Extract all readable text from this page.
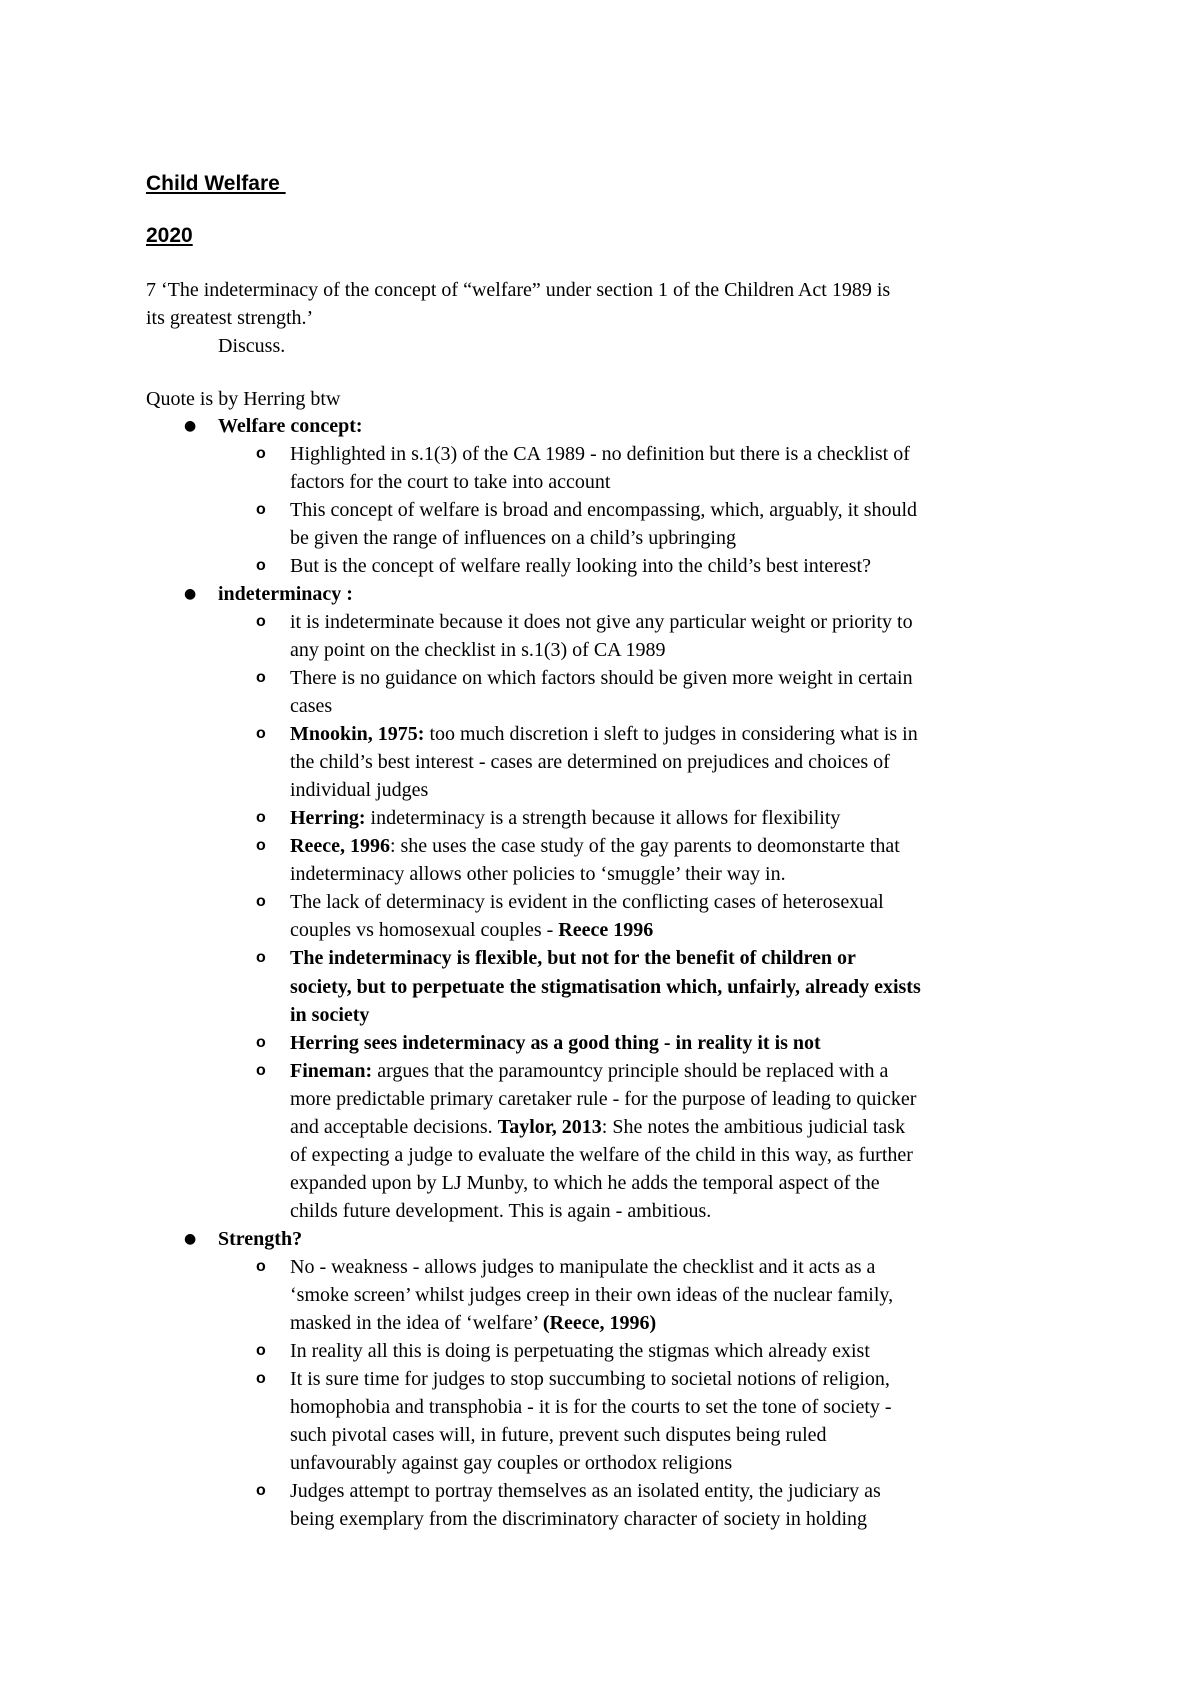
Child Welfare

2020

7 ‘The indeterminacy of the concept of “welfare” under section 1 of the Children Act 1989 is

its greatest strength.’

Discuss.

Quote is by Herring btw

● Welfare concept:

o Highlighted in s.1(3) of the CA 1989 - no definition but there is a checklist of

factors for the court to take into account

o This concept of welfare is broad and encompassing, which, arguably, it should

be given the range of influences on a child’s upbringing

o But is the concept of welfare really looking into the child’s best interest?

● indeterminacy :

o it is indeterminate because it does not give any particular weight or priority to

any point on the checklist in s.1(3) of CA 1989

o There is no guidance on which factors should be given more weight in certain

cases

o Mnookin, 1975: too much discretion i sleft to judges in considering what is in

the child’s best interest - cases are determined on prejudices and choices of

individual judges

o Herring: indeterminacy is a strength because it allows for flexibility

o Reece, 1996: she uses the case study of the gay parents to deomonstarte that

indeterminacy allows other policies to ‘smuggle’ their way in.

o The lack of determinacy is evident in the conflicting cases of heterosexual

couples vs homosexual couples - Reece 1996

o The indeterminacy is flexible, but not for the benefit of children or

society, but to perpetuate the stigmatisation which, unfairly, already exists

in society

o Herring sees indeterminacy as a good thing - in reality it is not

o Fineman: argues that the paramountcy principle should be replaced with a

more predictable primary caretaker rule - for the purpose of leading to quicker

and acceptable decisions. Taylor, 2013: She notes the ambitious judicial task

of expecting a judge to evaluate the welfare of the child in this way, as further

expanded upon by LJ Munby, to which he adds the temporal aspect of the

childs future development. This is again - ambitious.

● Strength?

o No - weakness - allows judges to manipulate the checklist and it acts as a

‘smoke screen’ whilst judges creep in their own ideas of the nuclear family,

masked in the idea of ‘welfare’ (Reece, 1996)

o In reality all this is doing is perpetuating the stigmas which already exist

o It is sure time for judges to stop succumbing to societal notions of religion,

homophobia and transphobia - it is for the courts to set the tone of society -

such pivotal cases will, in future, prevent such disputes being ruled

unfavourably against gay couples or orthodox religions

o Judges attempt to portray themselves as an isolated entity, the judiciary as

being exemplary from the discriminatory character of society in holding
